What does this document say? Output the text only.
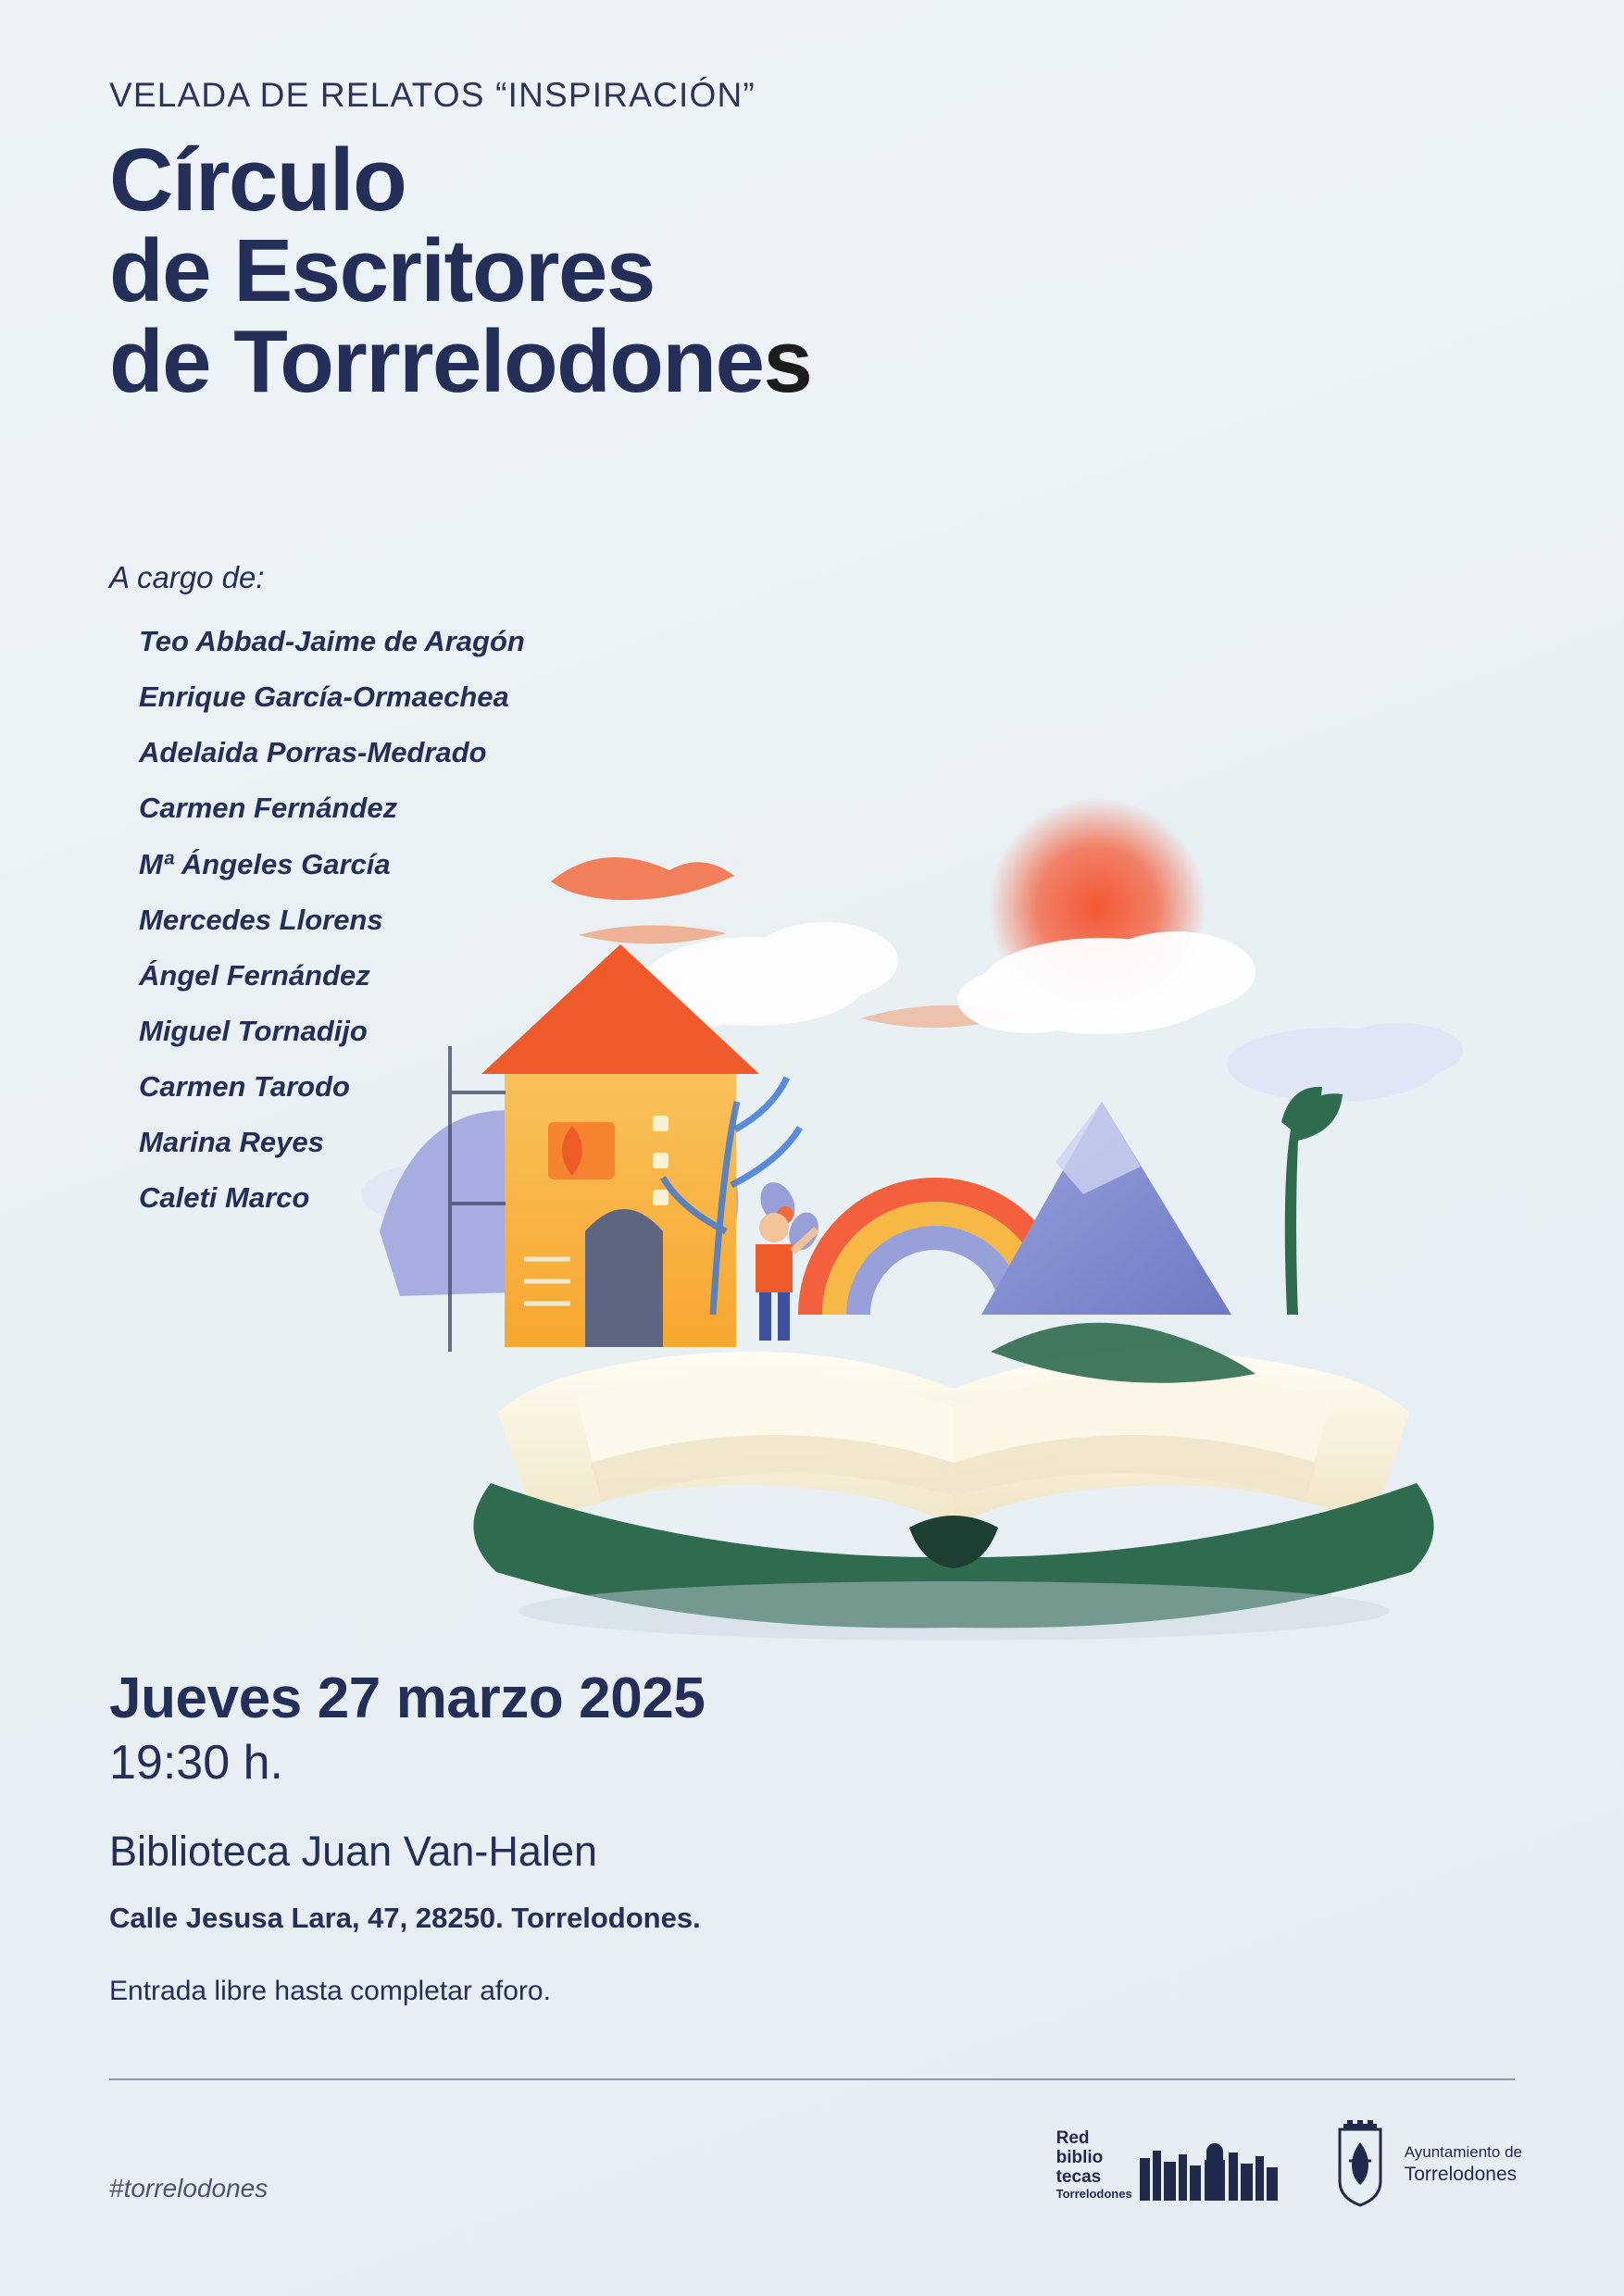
VELADA DE RELATOS “INSPIRACIÓN”
Círculo
de Escritores
de Torrrelodones
A cargo de:
Teo Abbad-Jaime de Aragón
Enrique García-Ormaechea
Adelaida Porras-Medrado
Carmen Fernández
Mª Ángeles García
Mercedes Llorens
Ángel Fernández
Miguel Tornadijo
Carmen Tarodo
Marina Reyes
Caleti Marco
Jueves 27 marzo 2025
19:30 h.
Biblioteca Juan Van-Halen
Calle Jesusa Lara, 47, 28250. Torrelodones.
Entrada libre hasta completar aforo.
#torrelodones
Red
biblio
tecas
Torrelodones
Ayuntamiento de
Torrelodones
